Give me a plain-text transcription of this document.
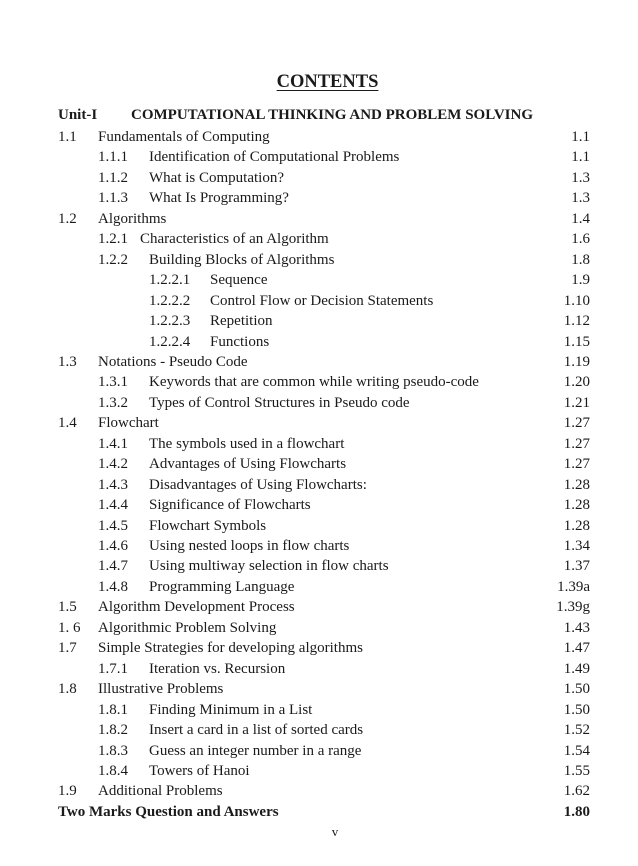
CONTENTS
Unit-I COMPUTATIONAL THINKING AND PROBLEM SOLVING
1.1 Fundamentals of Computing	1.1
1.1.1 Identification of Computational Problems	1.1
1.1.2 What is Computation?	1.3
1.1.3 What Is Programming?	1.3
1.2 Algorithms	1.4
1.2.1 Characteristics of an Algorithm	1.6
1.2.2 Building Blocks of Algorithms	1.8
1.2.2.1 Sequence	1.9
1.2.2.2 Control Flow or Decision Statements	1.10
1.2.2.3 Repetition	1.12
1.2.2.4 Functions	1.15
1.3 Notations - Pseudo Code	1.19
1.3.1 Keywords that are common while writing pseudo-code	1.20
1.3.2 Types of Control Structures in Pseudo code	1.21
1.4 Flowchart	1.27
1.4.1 The symbols used in a flowchart	1.27
1.4.2 Advantages of Using Flowcharts	1.27
1.4.3 Disadvantages of Using Flowcharts:	1.28
1.4.4 Significance of Flowcharts	1.28
1.4.5 Flowchart Symbols	1.28
1.4.6 Using nested loops in flow charts	1.34
1.4.7 Using multiway selection in flow charts	1.37
1.4.8 Programming Language	1.39a
1.5 Algorithm Development Process	1.39g
1. 6 Algorithmic Problem Solving	1.43
1.7 Simple Strategies for developing algorithms	1.47
1.7.1 Iteration vs. Recursion	1.49
1.8 Illustrative Problems	1.50
1.8.1 Finding Minimum in a List	1.50
1.8.2 Insert a card in a list of sorted cards	1.52
1.8.3 Guess an integer number in a range	1.54
1.8.4 Towers of Hanoi	1.55
1.9 Additional Problems	1.62
Two Marks Question and Answers	1.80
v
